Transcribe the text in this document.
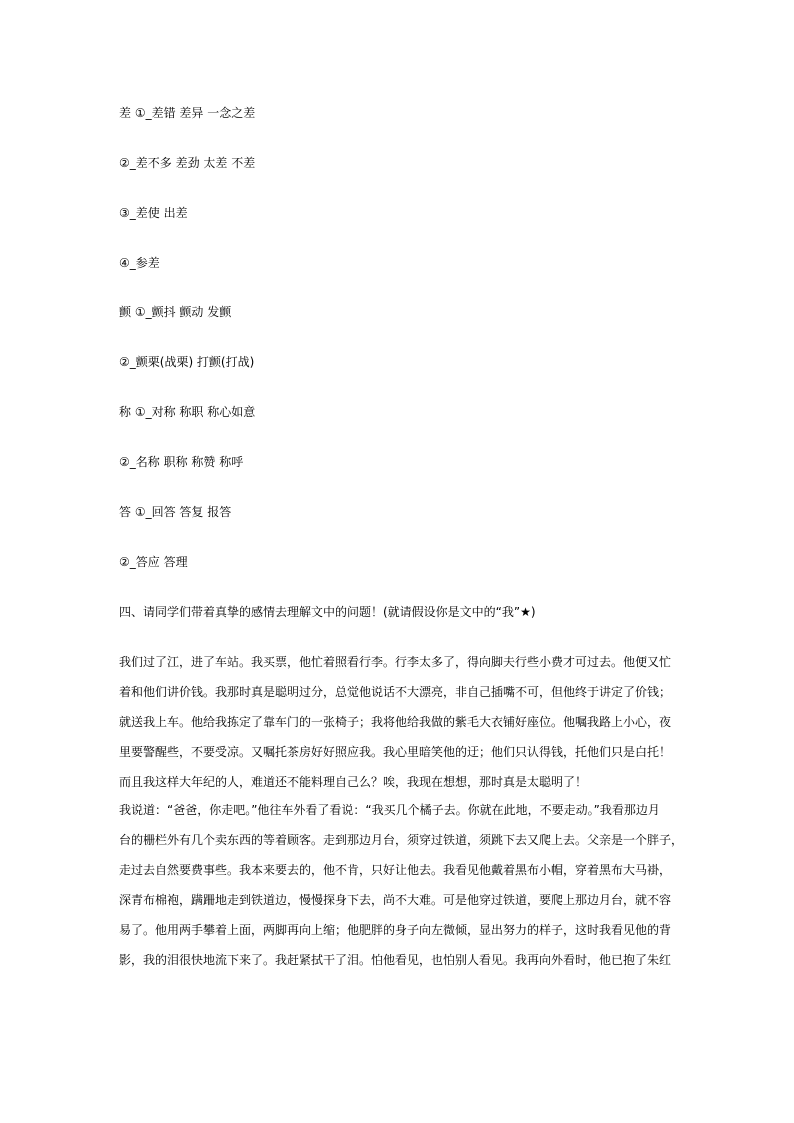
差 ①_差错 差异 一念之差
②_差不多 差劲 太差 不差
③_差使 出差
④_参差
颤 ①_颤抖 颤动 发颤
②_颤栗(战栗) 打颤(打战)
称 ①_对称 称职 称心如意
②_名称 职称 称赞 称呼
答 ①_回答 答复 报答
②_答应 答理
四、请同学们带着真挚的感情去理解文中的问题！(就请假设你是文中的“我”★)
我们过了江，进了车站。我买票，他忙着照看行李。行李太多了，得向脚夫行些小费才可过去。他便又忙
着和他们讲价钱。我那时真是聪明过分，总觉他说话不大漂亮，非自己插嘴不可，但他终于讲定了价钱；
就送我上车。他给我拣定了靠车门的一张椅子；我将他给我做的紫毛大衣铺好座位。他嘱我路上小心，夜
里要警醒些，不要受凉。又嘱托茶房好好照应我。我心里暗笑他的迂；他们只认得钱，托他们只是白托！
而且我这样大年纪的人，难道还不能料理自己么？唉，我现在想想，那时真是太聪明了！
我说道：“爸爸，你走吧。”他往车外看了看说：“我买几个橘子去。你就在此地，不要走动。”我看那边月
台的栅栏外有几个卖东西的等着顾客。走到那边月台，须穿过铁道，须跳下去又爬上去。父亲是一个胖子，
走过去自然要费事些。我本来要去的，他不肯，只好让他去。我看见他戴着黑布小帽，穿着黑布大马褂，
深青布棉袍，蹒跚地走到铁道边，慢慢探身下去，尚不大难。可是他穿过铁道，要爬上那边月台，就不容
易了。他用两手攀着上面，两脚再向上缩；他肥胖的身子向左微倾，显出努力的样子，这时我看见他的背
影，我的泪很快地流下来了。我赶紧拭干了泪。怕他看见，也怕别人看见。我再向外看时，他已抱了朱红
